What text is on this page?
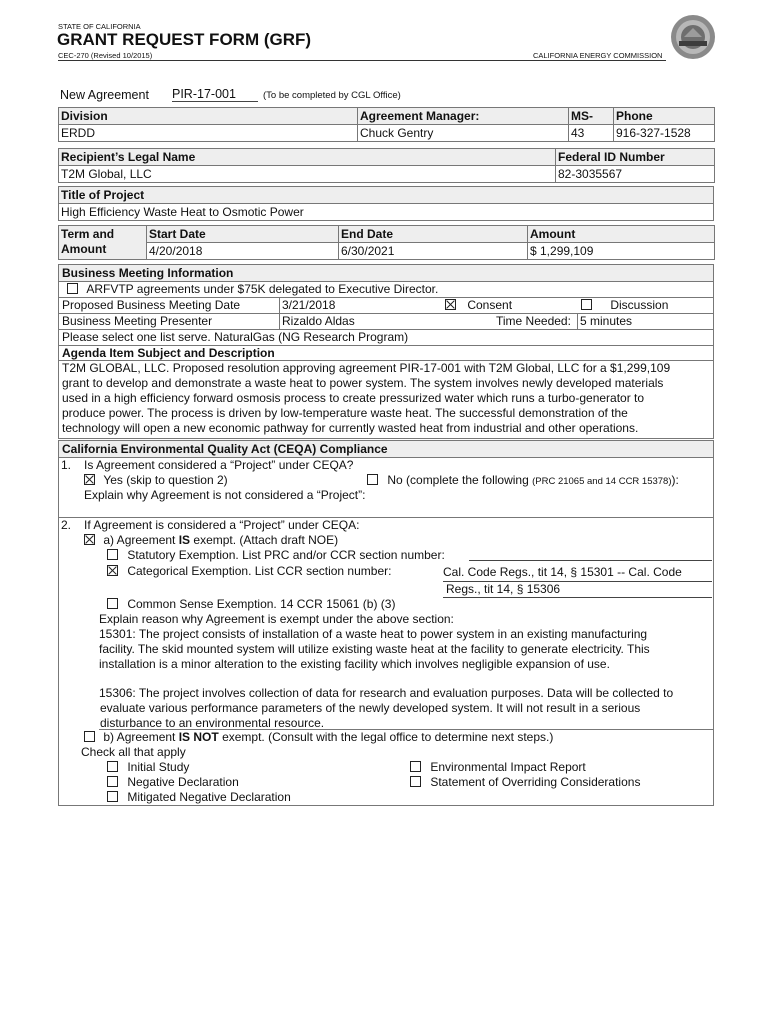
STATE OF CALIFORNIA
GRANT REQUEST FORM (GRF)
CEC-270 (Revised 10/2015)	CALIFORNIA ENERGY COMMISSION
New Agreement PIR-17-001	(To be completed by CGL Office)
Division	Agreement Manager:	MS-	Phone
ERDD	Chuck Gentry	43	916-327-1528
Recipient’s Legal Name	Federal ID Number
T2M Global, LLC	82-3035567
Title of Project
High Efficiency Waste Heat to Osmotic Power
Term and
Amount	Start Date	End Date	Amount
	4/20/2018	6/30/2021	$ 1,299,109
Business Meeting Information
ARFVTP agreements under $75K delegated to Executive Director.
Proposed Business Meeting Date	3/21/2018	Consent	Discussion
Business Meeting Presenter	Rizaldo Aldas	Time Needed: 5 minutes
Please select one list serve. NaturalGas (NG Research Program)
Agenda Item Subject and Description

T2M GLOBAL, LLC. Proposed resolution approving agreement PIR-17-001 with T2M Global, LLC for a $1,299,109

grant to develop and demonstrate a waste heat to power system. The system involves newly developed materials

used in a high efficiency forward osmosis process to create pressurized water which runs a turbo-generator to

produce power. The process is driven by low-temperature waste heat. The successful demonstration of the

technology will open a new economic pathway for currently wasted heat from industrial and other operations.

California Environmental Quality Act (CEQA) Compliance
1. Is Agreement considered a “Project” under CEQA?
Yes (skip to question 2)	No (complete the following (PRC 21065 and 14 CCR 15378)):
Explain why Agreement is not considered a “Project”:
2. If Agreement is considered a “Project” under CEQA:
a) Agreement IS exempt. (Attach draft NOE)
Statutory Exemption. List PRC and/or CCR section number:
Categorical Exemption. List CCR section number:	Cal. Code Regs., tit 14, § 15301 -- Cal. Code
Regs., tit 14, § 15306
Common Sense Exemption. 14 CCR 15061 (b) (3)
Explain reason why Agreement is exempt under the above section:

15301: The project consists of installation of a waste heat to power system in an existing manufacturing

facility. The skid mounted system will utilize existing waste heat at the facility to generate electricity. This

installation is a minor alteration to the existing facility which involves negligible expansion of use.

15306: The project involves collection of data for research and evaluation purposes. Data will be collected to

evaluate various performance parameters of the newly developed system. It will not result in a serious

disturbance to an environmental resource.

b) Agreement IS NOT exempt. (Consult with the legal office to determine next steps.)
Check all that apply
Initial Study
Negative Declaration
Mitigated Negative Declaration
Environmental Impact Report
Statement of Overriding Considerations
